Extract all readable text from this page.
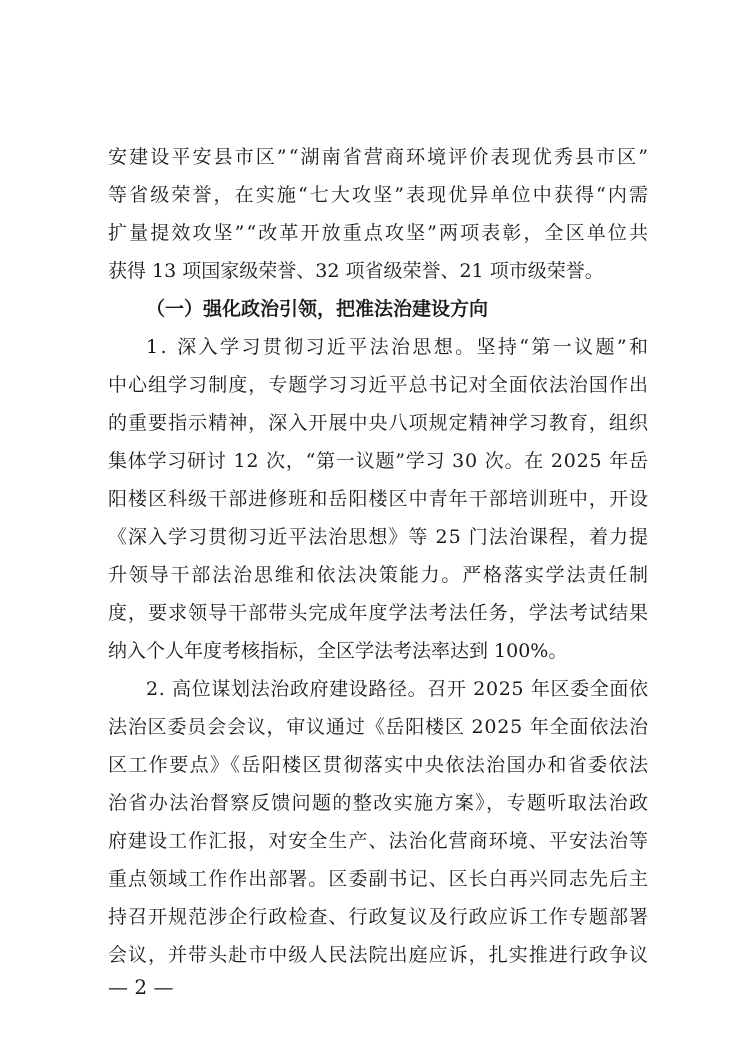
安建设平安县市区”“湖南省营商环境评价表现优秀县市区”
等省级荣誉，在实施“七大攻坚”表现优异单位中获得“内需
扩量提效攻坚”“改革开放重点攻坚”两项表彰，全区单位共
获得 13 项国家级荣誉、32 项省级荣誉、21 项市级荣誉。
（一）强化政治引领，把准法治建设方向
1. 深入学习贯彻习近平法治思想。坚持“第一议题”和
中心组学习制度，专题学习习近平总书记对全面依法治国作出
的重要指示精神，深入开展中央八项规定精神学习教育，组织
集体学习研讨 12 次，“第一议题”学习 30 次。在 2025 年岳
阳楼区科级干部进修班和岳阳楼区中青年干部培训班中，开设
《深入学习贯彻习近平法治思想》等 25 门法治课程，着力提
升领导干部法治思维和依法决策能力。严格落实学法责任制
度，要求领导干部带头完成年度学法考法任务，学法考试结果
纳入个人年度考核指标，全区学法考法率达到 100%。
2. 高位谋划法治政府建设路径。召开 2025 年区委全面依
法治区委员会会议，审议通过《岳阳楼区 2025 年全面依法治
区工作要点》《岳阳楼区贯彻落实中央依法治国办和省委依法
治省办法治督察反馈问题的整改实施方案》，专题听取法治政
府建设工作汇报，对安全生产、法治化营商环境、平安法治等
重点领域工作作出部署。区委副书记、区长白再兴同志先后主
持召开规范涉企行政检查、行政复议及行政应诉工作专题部署
会议，并带头赴市中级人民法院出庭应诉，扎实推进行政争议
— 2 —
